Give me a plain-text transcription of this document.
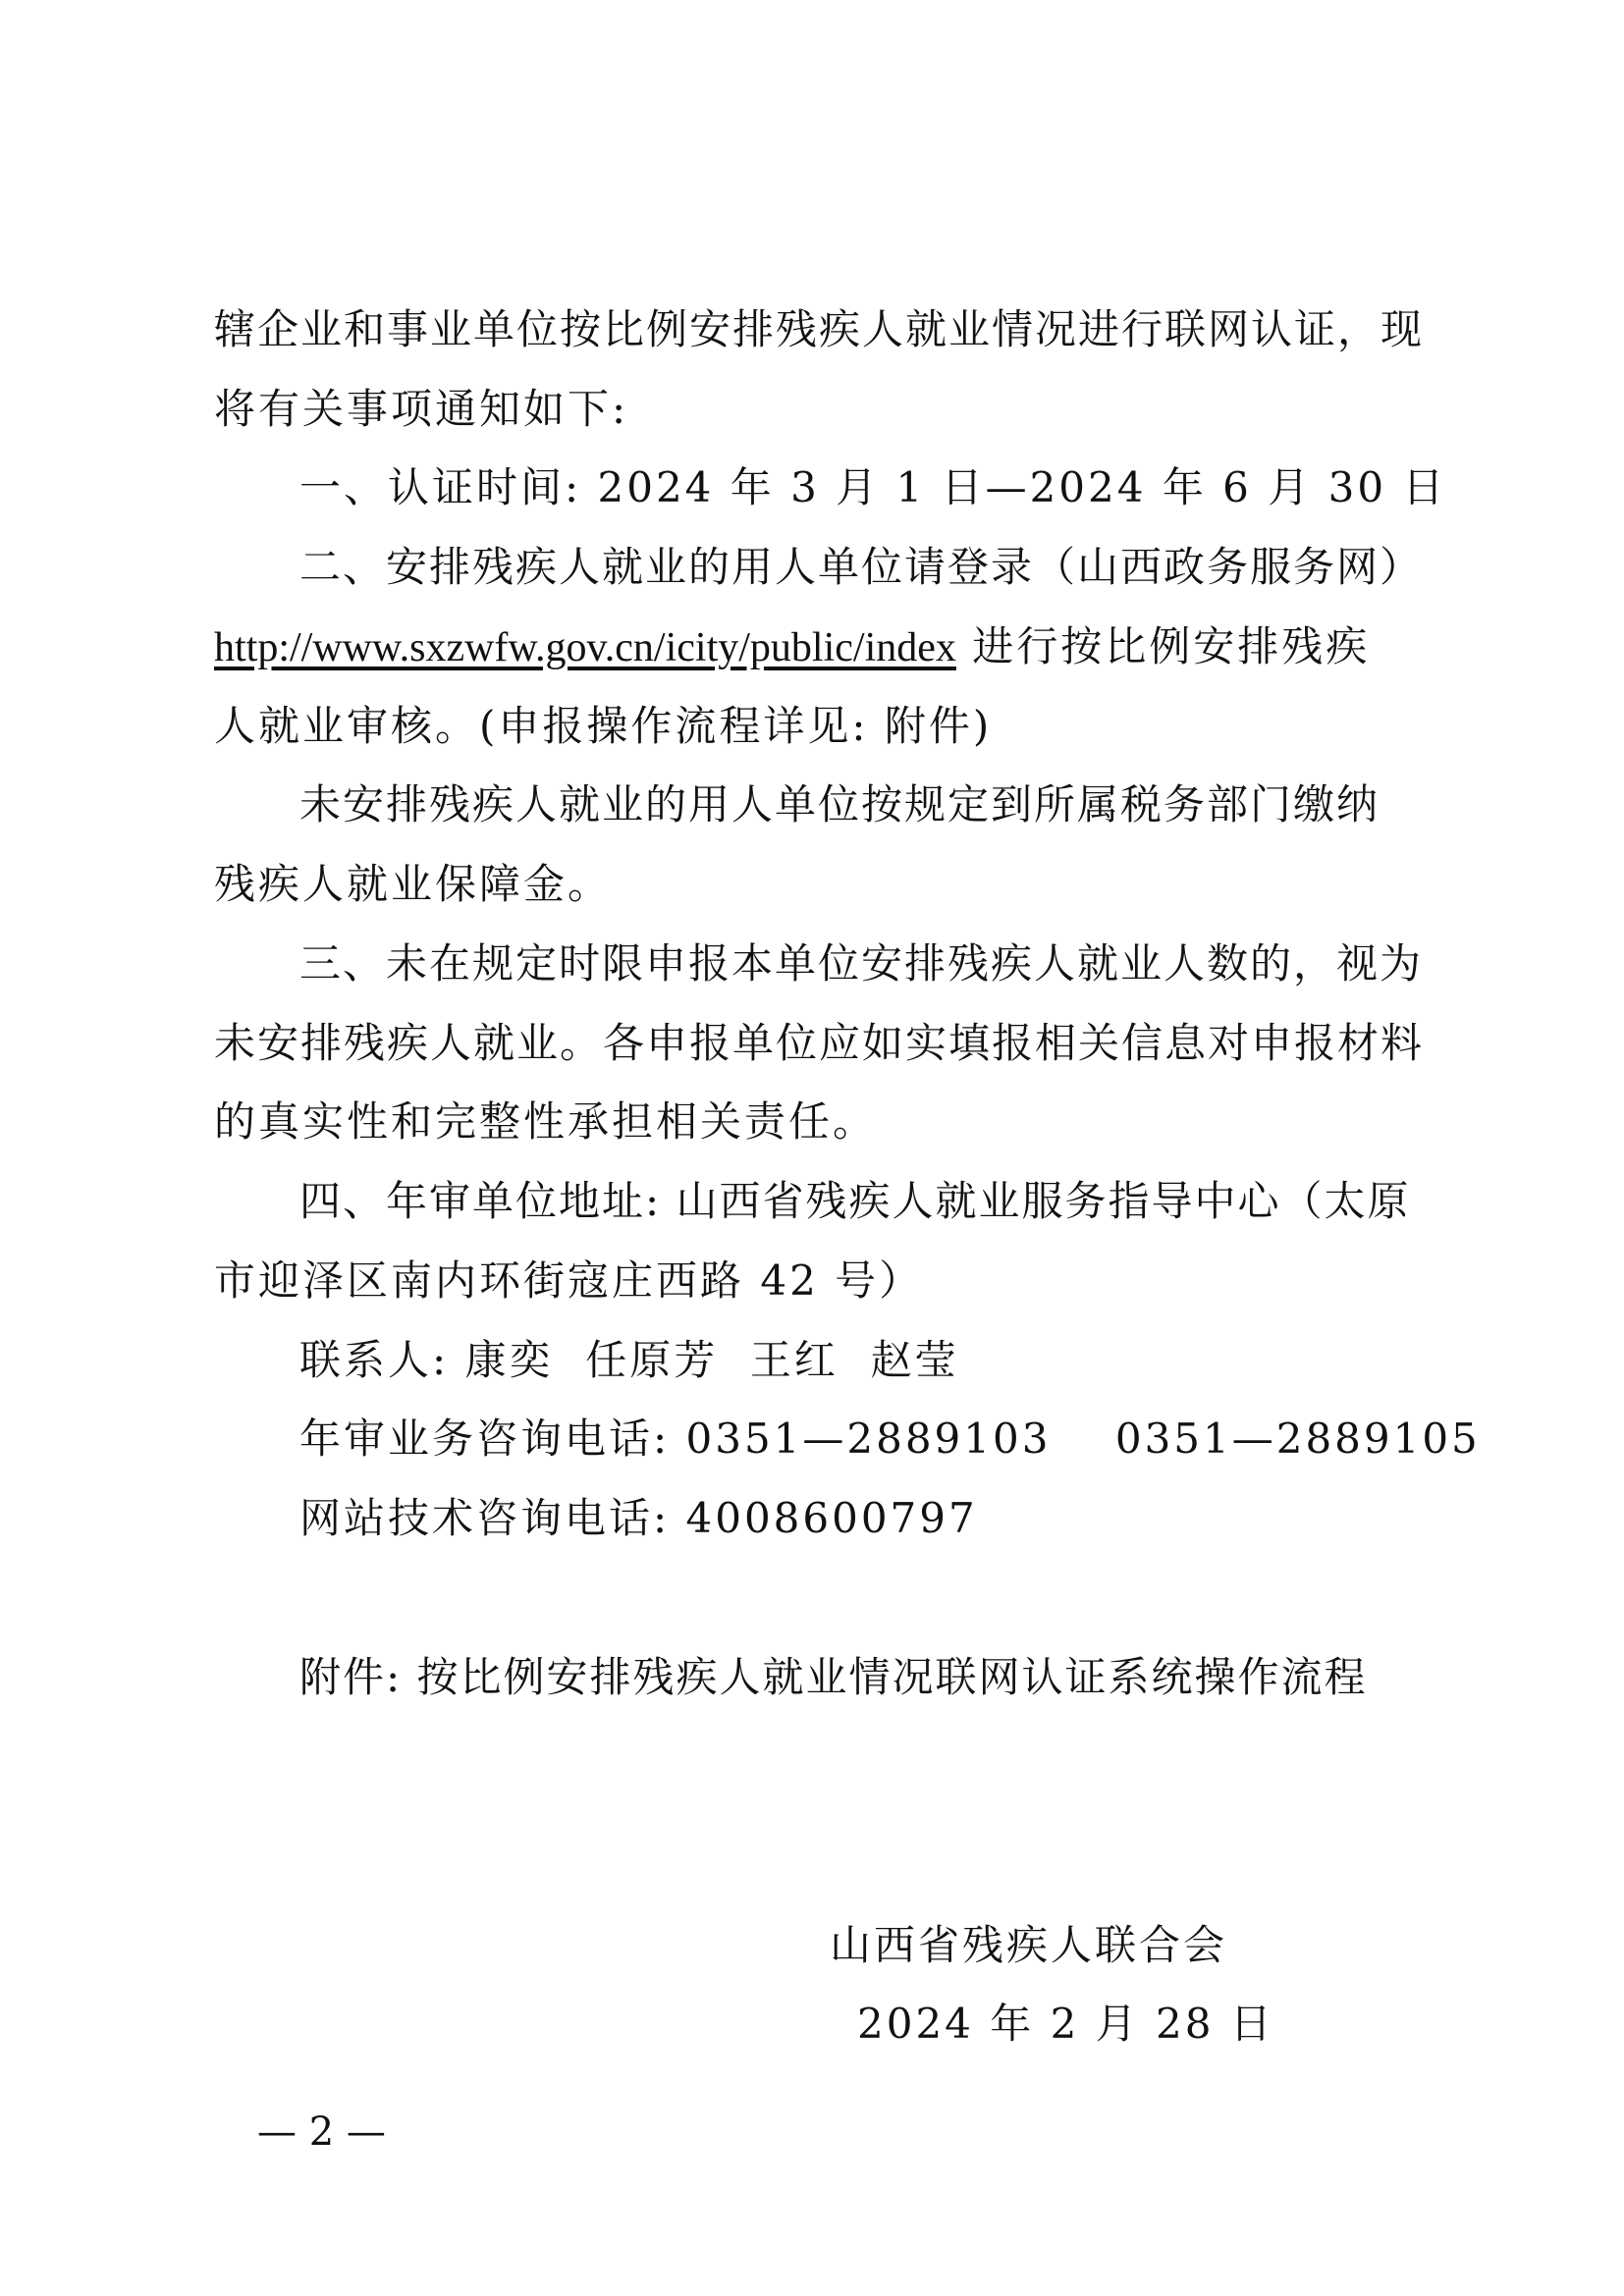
辖企业和事业单位按比例安排残疾人就业情况进行联网认证，现
将有关事项通知如下:
一、认证时间: 2024 年 3 月 1 日—2024 年 6 月 30 日
二、安排残疾人就业的用人单位请登录（山西政务服务网）
http://www.sxzwfw.gov.cn/icity/public/index 进行按比例安排残疾
人就业审核。(申报操作流程详见: 附件)
未安排残疾人就业的用人单位按规定到所属税务部门缴纳
残疾人就业保障金。
三、未在规定时限申报本单位安排残疾人就业人数的，视为
未安排残疾人就业。各申报单位应如实填报相关信息对申报材料
的真实性和完整性承担相关责任。
四、年审单位地址: 山西省残疾人就业服务指导中心（太原
市迎泽区南内环街寇庄西路 42 号）
联系人: 康奕  任原芳  王红  赵莹
年审业务咨询电话: 0351—2889103    0351—2889105
网站技术咨询电话: 4008600797
附件: 按比例安排残疾人就业情况联网认证系统操作流程
山西省残疾人联合会
2024 年 2 月 28 日
— 2 —
